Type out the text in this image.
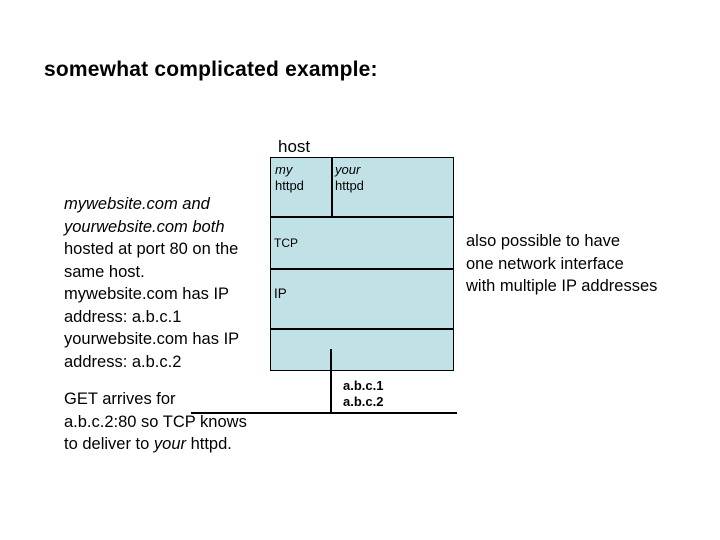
somewhat complicated example:
host
my
httpd
your
httpd
TCP
IP
a.b.c.1
a.b.c.2
mywebsite.com and
yourwebsite.com both
hosted at port 80 on the
same host.
mywebsite.com has IP
address: a.b.c.1
yourwebsite.com has IP
address: a.b.c.2
GET arrives for
a.b.c.2:80 so TCP knows
to deliver to your httpd.
also possible to have
one network interface
with multiple IP addresses
